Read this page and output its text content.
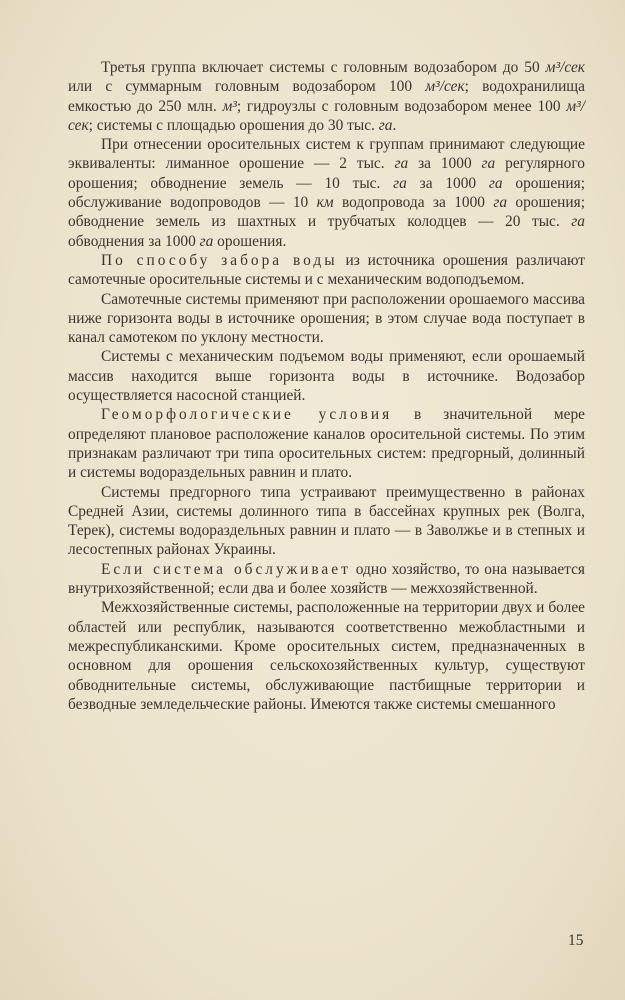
Третья группа включает системы с головным водозабором до 50 м³/сек или с суммарным головным водозабором 100 м³/сек; водохранилища емкостью до 250 млн. м³; гидроузлы с головным водозабором менее 100 м³/сек; системы с площадью орошения до 30 тыс. га.

При отнесении оросительных систем к группам принимают следующие эквиваленты: лиманное орошение — 2 тыс. га за 1000 га регулярного орошения; обводнение земель — 10 тыс. га за 1000 га орошения; обслуживание водопроводов — 10 км водопровода за 1000 га орошения; обводнение земель из шахтных и трубчатых колодцев — 20 тыс. га обводнения за 1000 га орошения.

По способу забора воды из источника орошения различают самотечные оросительные системы и с механическим водоподъемом.

Самотечные системы применяют при расположении орошаемого массива ниже горизонта воды в источнике орошения; в этом случае вода поступает в канал самотеком по уклону местности.

Системы с механическим подъемом воды применяют, если орошаемый массив находится выше горизонта воды в источнике. Водозабор осуществляется насосной станцией.

Геоморфологические условия в значительной мере определяют плановое расположение каналов оросительной системы. По этим признакам различают три типа оросительных систем: предгорный, долинный и системы водораздельных равнин и плато.

Системы предгорного типа устраивают преимущественно в районах Средней Азии, системы долинного типа в бассейнах крупных рек (Волга, Терек), системы водораздельных равнин и плато — в Заволжье и в степных и лесостепных районах Украины.

Если система обслуживает одно хозяйство, то она называется внутрихозяйственной; если два и более хозяйств — межхозяйственной.

Межхозяйственные системы, расположенные на территории двух и более областей или республик, называются соответственно межобластными и межреспубликанскими. Кроме оросительных систем, предназначенных в основном для орошения сельскохозяйственных культур, существуют обводнительные системы, обслуживающие пастбищные территории и безводные земледельческие районы. Имеются также системы смешанного

15
